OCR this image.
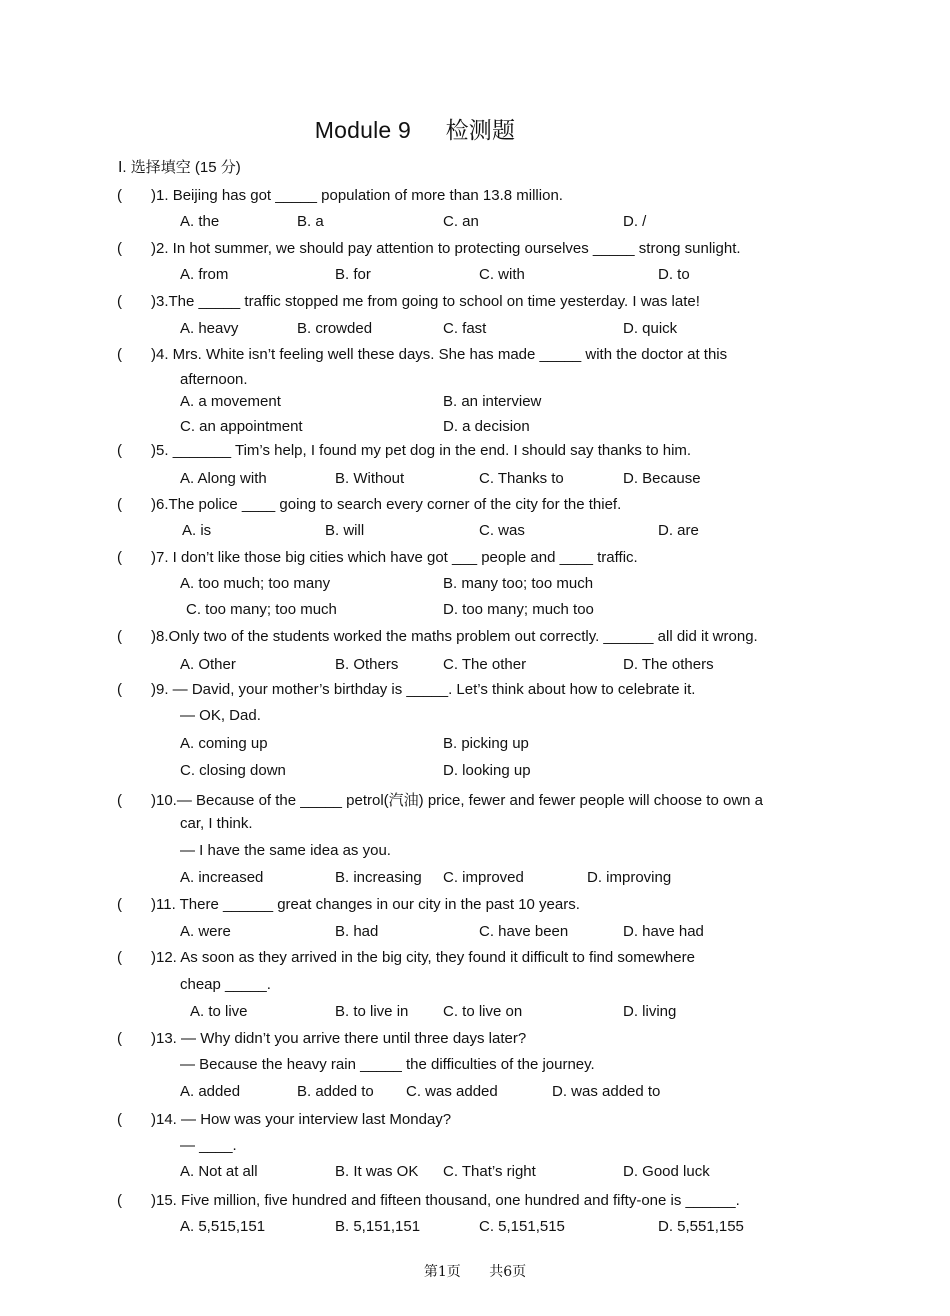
Module 9 检测题
Ⅰ. 选择填空 (15 分)
( )1. Beijing has got _____ population of more than 13.8 million.
A. the	B. a	C. an	D. /
( )2. In hot summer, we should pay attention to protecting ourselves _____ strong sunlight.
A. from	B. for	C. with	D. to
( )3.The _____ traffic stopped me from going to school on time yesterday. I was late!
A. heavy	B. crowded	C. fast	D. quick
( )4. Mrs. White isn’t feeling well these days. She has made _____ with the doctor at this
afternoon.
A. a movement	B. an interview
C. an appointment	D. a decision
( )5. _______ Tim’s help, I found my pet dog in the end. I should say thanks to him.
A. Along with	B. Without	C. Thanks to	D. Because
( )6.The police ____ going to search every corner of the city for the thief.
A. is	B. will	C. was	D. are
( )7. I don’t like those big cities which have got ___ people and ____ traffic.
A. too much; too many	B. many too; too much
C. too many; too much	D. too many; much too
( )8.Only two of the students worked the maths problem out correctly. ______ all did it wrong.
A. Other	B. Others	C. The other	D. The others
( )9. — David, your mother’s birthday is _____. Let’s think about how to celebrate it.
— OK, Dad.
A. coming up	B. picking up
C. closing down	D. looking up
( )10.— Because of the _____ petrol(汽油) price, fewer and fewer people will choose to own a
car, I think.
— I have the same idea as you.
A. increased	B. increasing C. improved	D. improving
( )11. There ______ great changes in our city in the past 10 years.
A. were	B. had	C. have been	D. have had
( )12. As soon as they arrived in the big city, they found it difficult to find somewhere
cheap _____.
A. to live	B. to live in C. to live on	D. living
( )13. — Why didn’t you arrive there until three days later?
— Because the heavy rain _____ the difficulties of the journey.
A. added	B. added to C. was added	D. was added to
( )14. — How was your interview last Monday?
— ____.
A. Not at all	B. It was OK C. That’s right	D. Good luck
( )15. Five million, five hundred and fifteen thousand, one hundred and fifty-one is ______.
A. 5,515,151	B. 5,151,151	C. 5,151,515	D. 5,551,155
第1页 共6页
